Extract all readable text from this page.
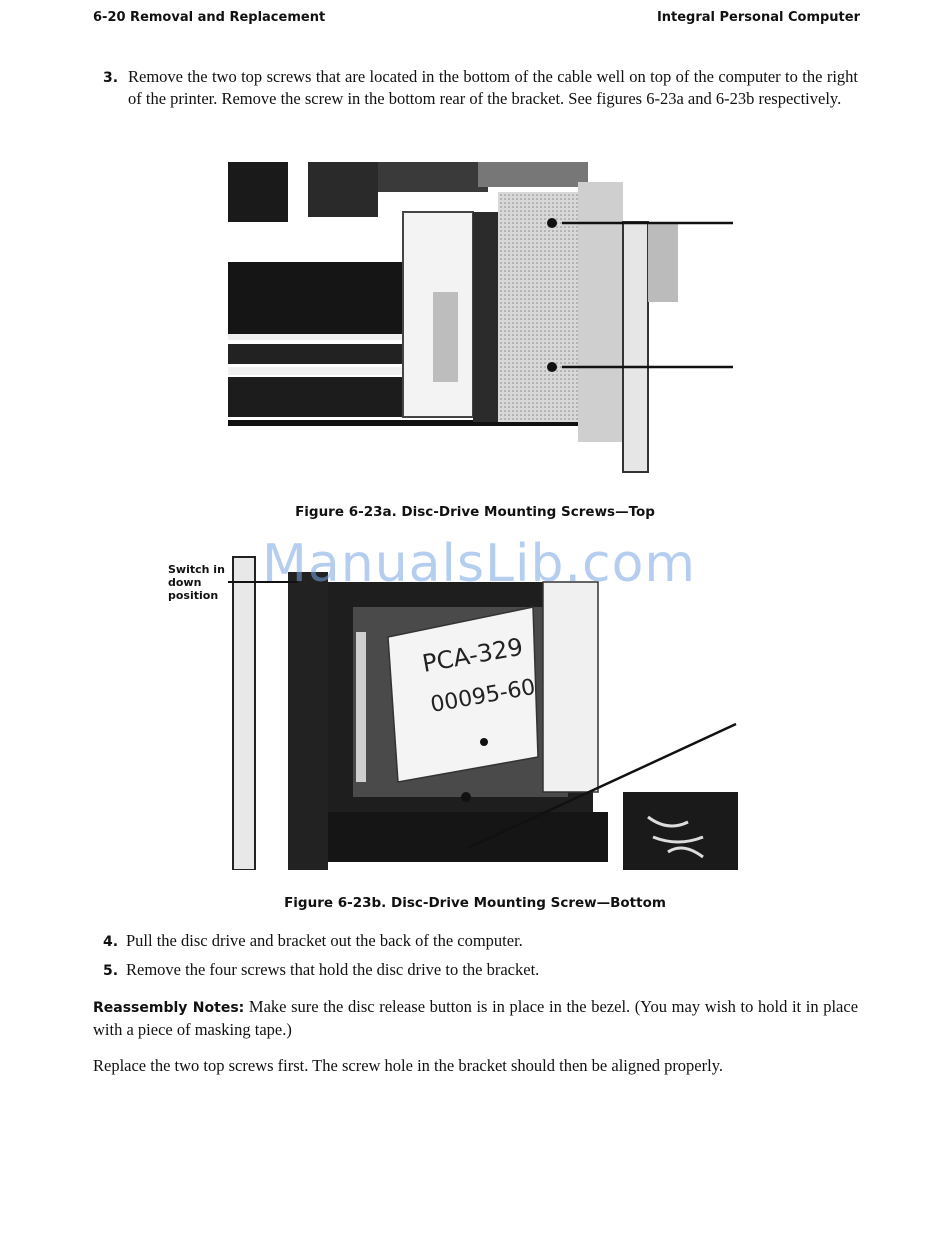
6-20 Removal and Replacement	Integral Personal Computer
3. Remove the two top screws that are located in the bottom of the cable well on top of the computer to the right of the printer. Remove the screw in the bottom rear of the bracket. See figures 6-23a and 6-23b respectively.
Figure 6-23a. Disc-Drive Mounting Screws—Top
PCA-329
00095-60
Switch in down position
ManualsLib.com
Figure 6-23b. Disc-Drive Mounting Screw—Bottom
4. Pull the disc drive and bracket out the back of the computer.
5. Remove the four screws that hold the disc drive to the bracket.
Reassembly Notes: Make sure the disc release button is in place in the bezel. (You may wish to hold it in place with a piece of masking tape.)
Replace the two top screws first. The screw hole in the bracket should then be aligned properly.
